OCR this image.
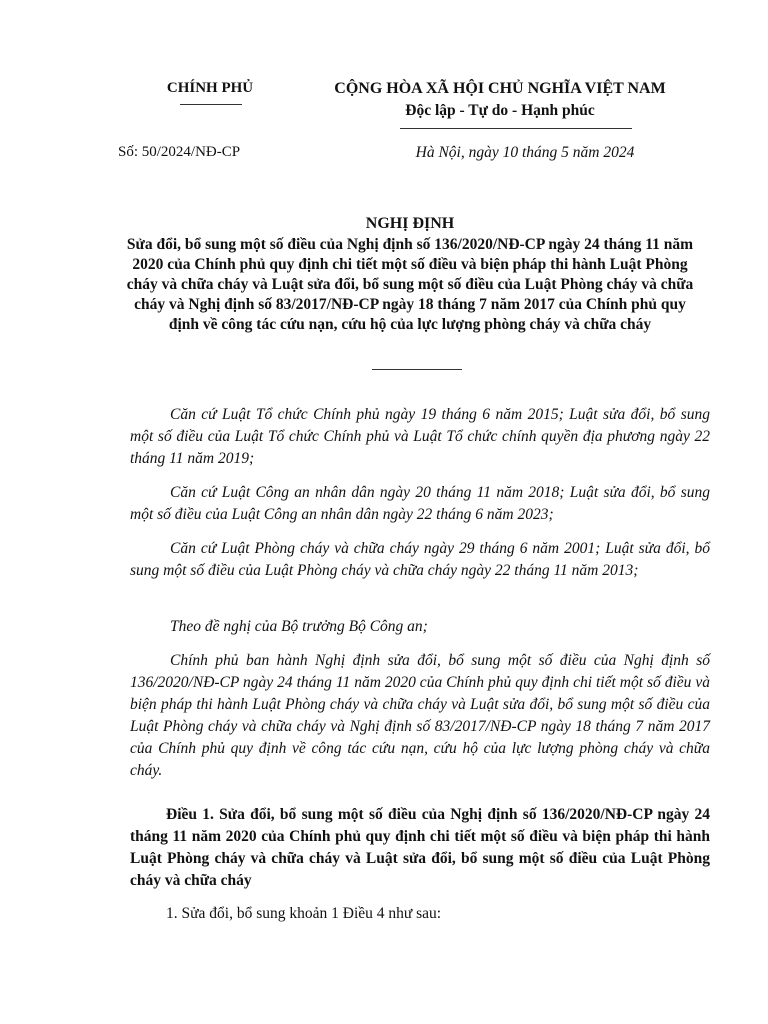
CHÍNH PHỦ	CỘNG HÒA XÃ HỘI CHỦ NGHĨA VIỆT NAM
Độc lập - Tự do - Hạnh phúc
Số: 50/2024/NĐ-CP	Hà Nội, ngày 10 tháng 5 năm 2024
NGHỊ ĐỊNH
Sửa đổi, bổ sung một số điều của Nghị định số 136/2020/NĐ-CP ngày 24 tháng 11 năm 2020 của Chính phủ quy định chi tiết một số điều và biện pháp thi hành Luật Phòng cháy và chữa cháy và Luật sửa đổi, bổ sung một số điều của Luật Phòng cháy và chữa cháy và Nghị định số 83/2017/NĐ-CP ngày 18 tháng 7 năm 2017 của Chính phủ quy định về công tác cứu nạn, cứu hộ của lực lượng phòng cháy và chữa cháy
Căn cứ Luật Tổ chức Chính phủ ngày 19 tháng 6 năm 2015; Luật sửa đổi, bổ sung một số điều của Luật Tổ chức Chính phủ và Luật Tổ chức chính quyền địa phương ngày 22 tháng 11 năm 2019;
Căn cứ Luật Công an nhân dân ngày 20 tháng 11 năm 2018; Luật sửa đổi, bổ sung một số điều của Luật Công an nhân dân ngày 22 tháng 6 năm 2023;
Căn cứ Luật Phòng cháy và chữa cháy ngày 29 tháng 6 năm 2001; Luật sửa đổi, bổ sung một số điều của Luật Phòng cháy và chữa cháy ngày 22 tháng 11 năm 2013;
Theo đề nghị của Bộ trưởng Bộ Công an;
Chính phủ ban hành Nghị định sửa đổi, bổ sung một số điều của Nghị định số 136/2020/NĐ-CP ngày 24 tháng 11 năm 2020 của Chính phủ quy định chi tiết một số điều và biện pháp thi hành Luật Phòng cháy và chữa cháy và Luật sửa đổi, bổ sung một số điều của Luật Phòng cháy và chữa cháy và Nghị định số 83/2017/NĐ-CP ngày 18 tháng 7 năm 2017 của Chính phủ quy định về công tác cứu nạn, cứu hộ của lực lượng phòng cháy và chữa cháy.
Điều 1. Sửa đổi, bổ sung một số điều của Nghị định số 136/2020/NĐ-CP ngày 24 tháng 11 năm 2020 của Chính phủ quy định chi tiết một số điều và biện pháp thi hành Luật Phòng cháy và chữa cháy và Luật sửa đổi, bổ sung một số điều của Luật Phòng cháy và chữa cháy
1. Sửa đổi, bổ sung khoản 1 Điều 4 như sau:
